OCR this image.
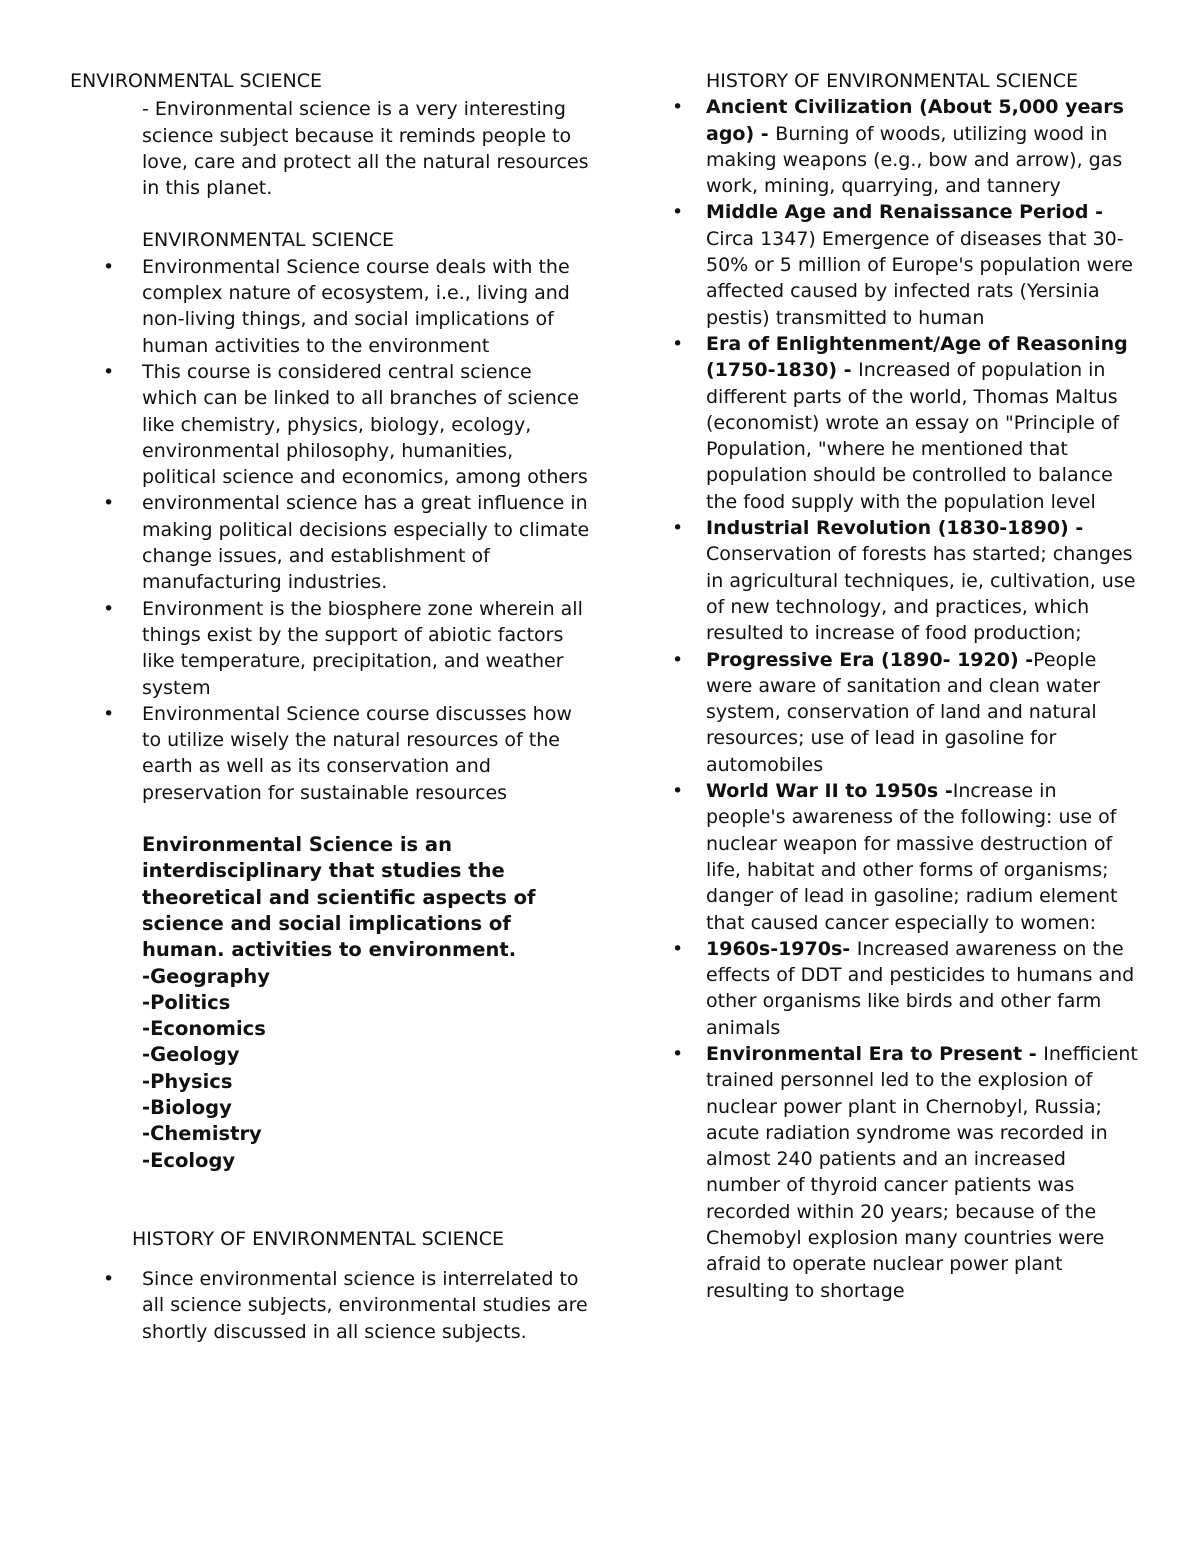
ENVIRONMENTAL SCIENCE

- Environmental science is a very interesting science subject because it reminds people to love, care and protect all the natural resources in this planet.

ENVIRONMENTAL SCIENCE

• Environmental Science course deals with the complex nature of ecosystem, i.e., living and non-living things, and social implications of human activities to the environment
• This course is considered central science which can be linked to all branches of science like chemistry, physics, biology, ecology, environmental philosophy, humanities, political science and economics, among others
• environmental science has a great influence in making political decisions especially to climate change issues, and establishment of manufacturing industries.
• Environment is the biosphere zone wherein all things exist by the support of abiotic factors like temperature, precipitation, and weather system
• Environmental Science course discusses how to utilize wisely the natural resources of the earth as well as its conservation and preservation for sustainable resources

Environmental Science is an interdisciplinary that studies the theoretical and scientific aspects of science and social implications of human. activities to environment.

-Geography
-Politics
-Economics
-Geology
-Physics
-Biology
-Chemistry
-Ecology

HISTORY OF ENVIRONMENTAL SCIENCE

• Since environmental science is interrelated to all science subjects, environmental studies are shortly discussed in all science subjects.

HISTORY OF ENVIRONMENTAL SCIENCE

• Ancient Civilization (About 5,000 years ago) - Burning of woods, utilizing wood in making weapons (e.g., bow and arrow), gas work, mining, quarrying, and tannery
• Middle Age and Renaissance Period - Circa 1347) Emergence of diseases that 30-50% or 5 million of Europe's population were affected caused by infected rats (Yersinia pestis) transmitted to human
• Era of Enlightenment/Age of Reasoning (1750-1830) - Increased of population in different parts of the world, Thomas Maltus (economist) wrote an essay on "Principle of Population, "where he mentioned that population should be controlled to balance the food supply with the population level
• Industrial Revolution (1830-1890) - Conservation of forests has started; changes in agricultural techniques, ie, cultivation, use of new technology, and practices, which resulted to increase of food production;
• Progressive Era (1890- 1920) -People were aware of sanitation and clean water system, conservation of land and natural resources; use of lead in gasoline for automobiles
• World War II to 1950s -Increase in people's awareness of the following: use of nuclear weapon for massive destruction of life, habitat and other forms of organisms; danger of lead in gasoline; radium element that caused cancer especially to women:
• 1960s-1970s- Increased awareness on the effects of DDT and pesticides to humans and other organisms like birds and other farm animals
• Environmental Era to Present - Inefficient trained personnel led to the explosion of nuclear power plant in Chernobyl, Russia; acute radiation syndrome was recorded in almost 240 patients and an increased number of thyroid cancer patients was recorded within 20 years; because of the Chemobyl explosion many countries were afraid to operate nuclear power plant resulting to shortage
